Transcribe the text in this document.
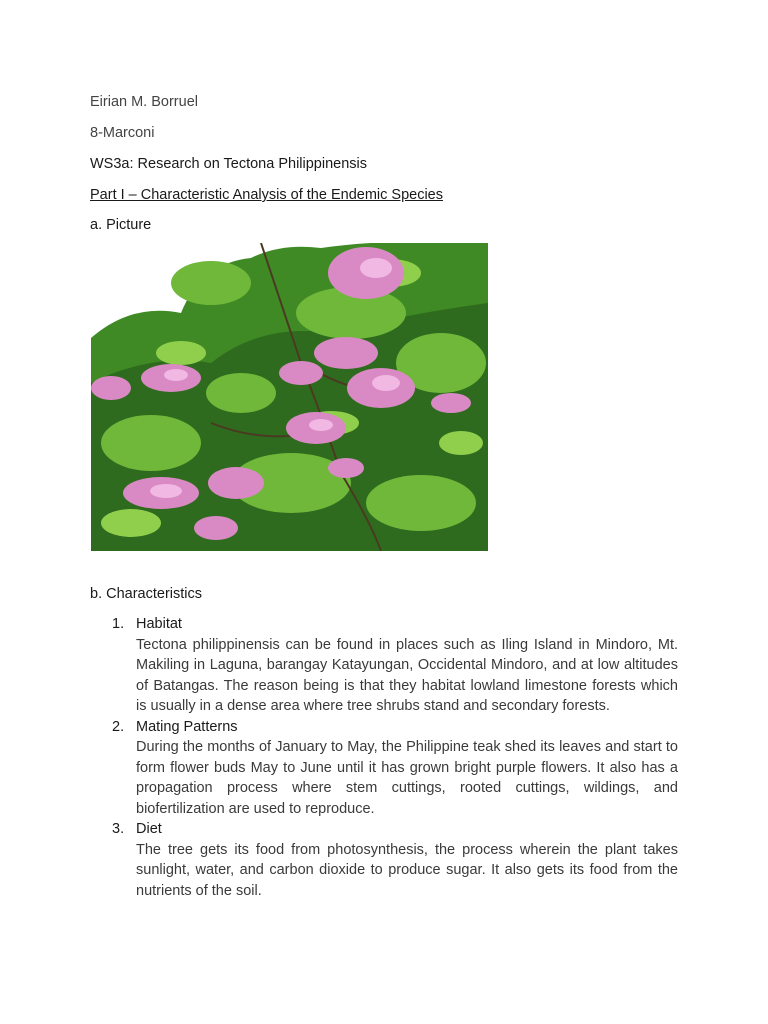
Eirian M. Borruel
8-Marconi
WS3a: Research on Tectona Philippinensis
Part I – Characteristic Analysis of the Endemic Species
a. Picture
b. Characteristics
1. Habitat
Tectona philippinensis can be found in places such as Iling Island in Mindoro, Mt. Makiling in Laguna, barangay Katayungan, Occidental Mindoro, and at low altitudes of Batangas. The reason being is that they habitat lowland limestone forests which is usually in a dense area where tree shrubs stand and secondary forests.
2. Mating Patterns
During the months of January to May, the Philippine teak shed its leaves and start to form flower buds May to June until it has grown bright purple flowers. It also has a propagation process where stem cuttings, rooted cuttings, wildings, and biofertilization are used to reproduce.
3. Diet
The tree gets its food from photosynthesis, the process wherein the plant takes sunlight, water, and carbon dioxide to produce sugar. It also gets its food from the nutrients of the soil.
